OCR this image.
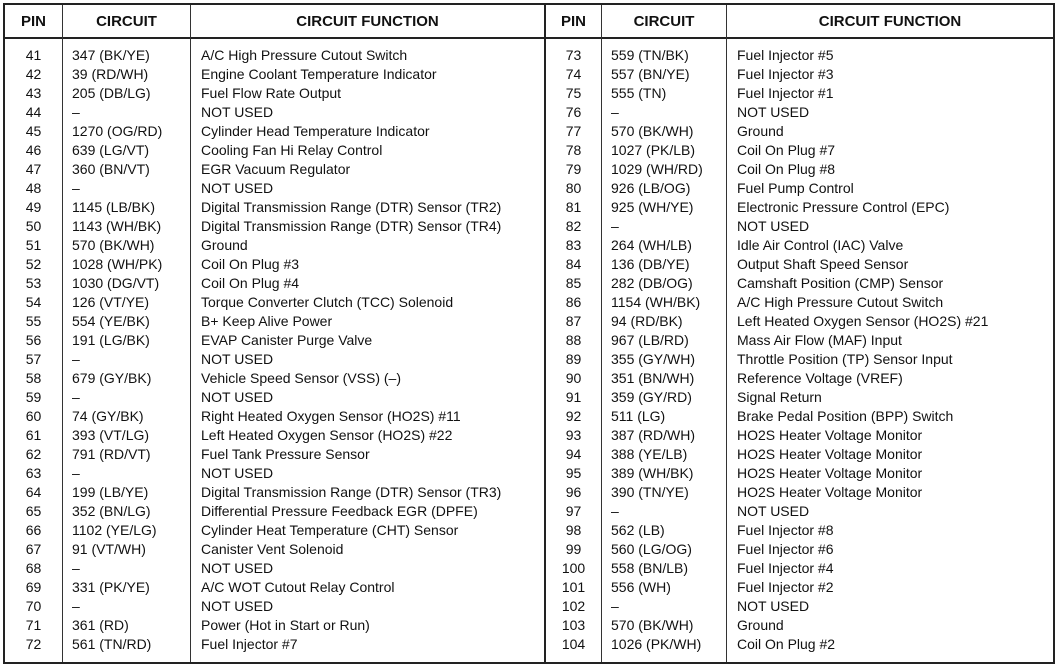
PIN	CIRCUIT	CIRCUIT FUNCTION	PIN	CIRCUIT	CIRCUIT FUNCTION
41	347 (BK/YE)	A/C High Pressure Cutout Switch
42	39 (RD/WH)	Engine Coolant Temperature Indicator
43	205 (DB/LG)	Fuel Flow Rate Output
44	–	NOT USED
45	1270 (OG/RD)	Cylinder Head Temperature Indicator
46	639 (LG/VT)	Cooling Fan Hi Relay Control
47	360 (BN/VT)	EGR Vacuum Regulator
48	–	NOT USED
49	1145 (LB/BK)	Digital Transmission Range (DTR) Sensor (TR2)
50	1143 (WH/BK)	Digital Transmission Range (DTR) Sensor (TR4)
51	570 (BK/WH)	Ground
52	1028 (WH/PK)	Coil On Plug #3
53	1030 (DG/VT)	Coil On Plug #4
54	126 (VT/YE)	Torque Converter Clutch (TCC) Solenoid
55	554 (YE/BK)	B+ Keep Alive Power
56	191 (LG/BK)	EVAP Canister Purge Valve
57	–	NOT USED
58	679 (GY/BK)	Vehicle Speed Sensor (VSS) (–)
59	–	NOT USED
60	74 (GY/BK)	Right Heated Oxygen Sensor (HO2S) #11
61	393 (VT/LG)	Left Heated Oxygen Sensor (HO2S) #22
62	791 (RD/VT)	Fuel Tank Pressure Sensor
63	–	NOT USED
64	199 (LB/YE)	Digital Transmission Range (DTR) Sensor (TR3)
65	352 (BN/LG)	Differential Pressure Feedback EGR (DPFE)
66	1102 (YE/LG)	Cylinder Heat Temperature (CHT) Sensor
67	91 (VT/WH)	Canister Vent Solenoid
68	–	NOT USED
69	331 (PK/YE)	A/C WOT Cutout Relay Control
70	–	NOT USED
71	361 (RD)	Power (Hot in Start or Run)
72	561 (TN/RD)	Fuel Injector #7
73	559 (TN/BK)	Fuel Injector #5
74	557 (BN/YE)	Fuel Injector #3
75	555 (TN)	Fuel Injector #1
76	–	NOT USED
77	570 (BK/WH)	Ground
78	1027 (PK/LB)	Coil On Plug #7
79	1029 (WH/RD)	Coil On Plug #8
80	926 (LB/OG)	Fuel Pump Control
81	925 (WH/YE)	Electronic Pressure Control (EPC)
82	–	NOT USED
83	264 (WH/LB)	Idle Air Control (IAC) Valve
84	136 (DB/YE)	Output Shaft Speed Sensor
85	282 (DB/OG)	Camshaft Position (CMP) Sensor
86	1154 (WH/BK)	A/C High Pressure Cutout Switch
87	94 (RD/BK)	Left Heated Oxygen Sensor (HO2S) #21
88	967 (LB/RD)	Mass Air Flow (MAF) Input
89	355 (GY/WH)	Throttle Position (TP) Sensor Input
90	351 (BN/WH)	Reference Voltage (VREF)
91	359 (GY/RD)	Signal Return
92	511 (LG)	Brake Pedal Position (BPP) Switch
93	387 (RD/WH)	HO2S Heater Voltage Monitor
94	388 (YE/LB)	HO2S Heater Voltage Monitor
95	389 (WH/BK)	HO2S Heater Voltage Monitor
96	390 (TN/YE)	HO2S Heater Voltage Monitor
97	–	NOT USED
98	562 (LB)	Fuel Injector #8
99	560 (LG/OG)	Fuel Injector #6
100	558 (BN/LB)	Fuel Injector #4
101	556 (WH)	Fuel Injector #2
102	–	NOT USED
103	570 (BK/WH)	Ground
104	1026 (PK/WH)	Coil On Plug #2
